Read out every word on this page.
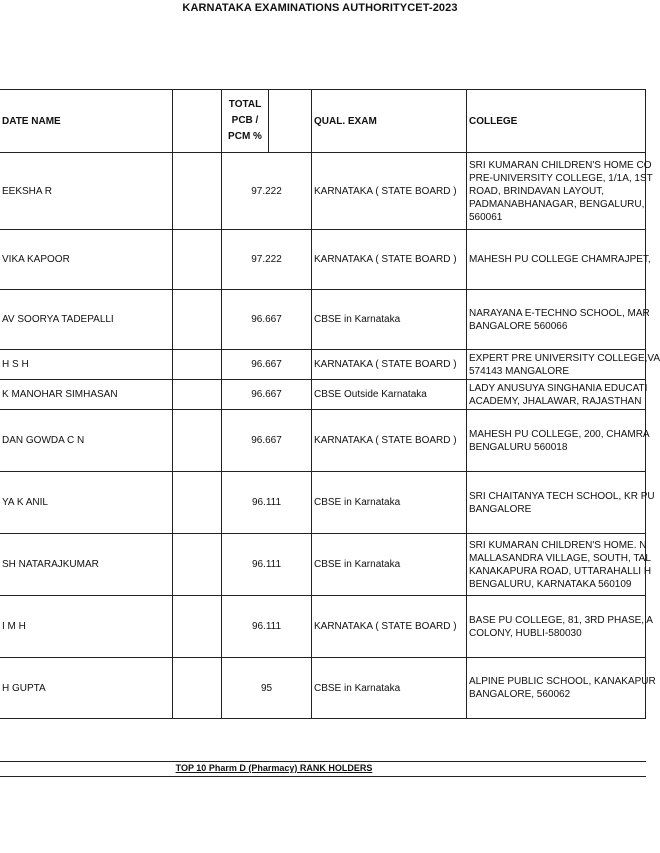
KARNATAKA EXAMINATIONS AUTHORITYCET-2023
DATE NAME		TOTAL PCB / PCM %		QUAL. EXAM	COLLEGE
EEKSHA R		97.222		KARNATAKA ( STATE BOARD )	SRI KUMARAN CHILDREN'S HOME CO
PRE-UNIVERSITY COLLEGE, 1/1A, 1ST
ROAD, BRINDAVAN LAYOUT,
PADMANABHANAGAR, BENGALURU,
560061

VIKA KAPOOR		97.222		KARNATAKA ( STATE BOARD )	MAHESH PU COLLEGE CHAMRAJPET,

AV SOORYA TADEPALLI		96.667		CBSE in Karnataka	NARAYANA E-TECHNO SCHOOL, MAR
BANGALORE 560066

H S H		96.667		KARNATAKA ( STATE BOARD )	EXPERT PRE UNIVERSITY COLLEGE,VA
574143 MANGALORE

K MANOHAR SIMHASAN		96.667		CBSE Outside Karnataka	LADY ANUSUYA SINGHANIA EDUCATI
ACADEMY, JHALAWAR, RAJASTHAN

DAN GOWDA C N		96.667		KARNATAKA ( STATE BOARD )	MAHESH PU COLLEGE, 200, CHAMRA
BENGALURU 560018

YA K ANIL		96.111		CBSE in Karnataka	SRI CHAITANYA TECH SCHOOL, KR PU
BANGALORE

SH NATARAJKUMAR		96.111		CBSE in Karnataka	SRI KUMARAN CHILDREN'S HOME. N
MALLASANDRA VILLAGE, SOUTH, TAL
KANAKAPURA ROAD, UTTARAHALLI H
BENGALURU, KARNATAKA 560109

I M H		96.111		KARNATAKA ( STATE BOARD )	BASE PU COLLEGE, 81, 3RD PHASE, A
COLONY, HUBLI-580030

H GUPTA		95		CBSE in Karnataka	ALPINE PUBLIC SCHOOL, KANAKAPUR
BANGALORE, 560062
TOP 10 Pharm D (Pharmacy) RANK HOLDERS
